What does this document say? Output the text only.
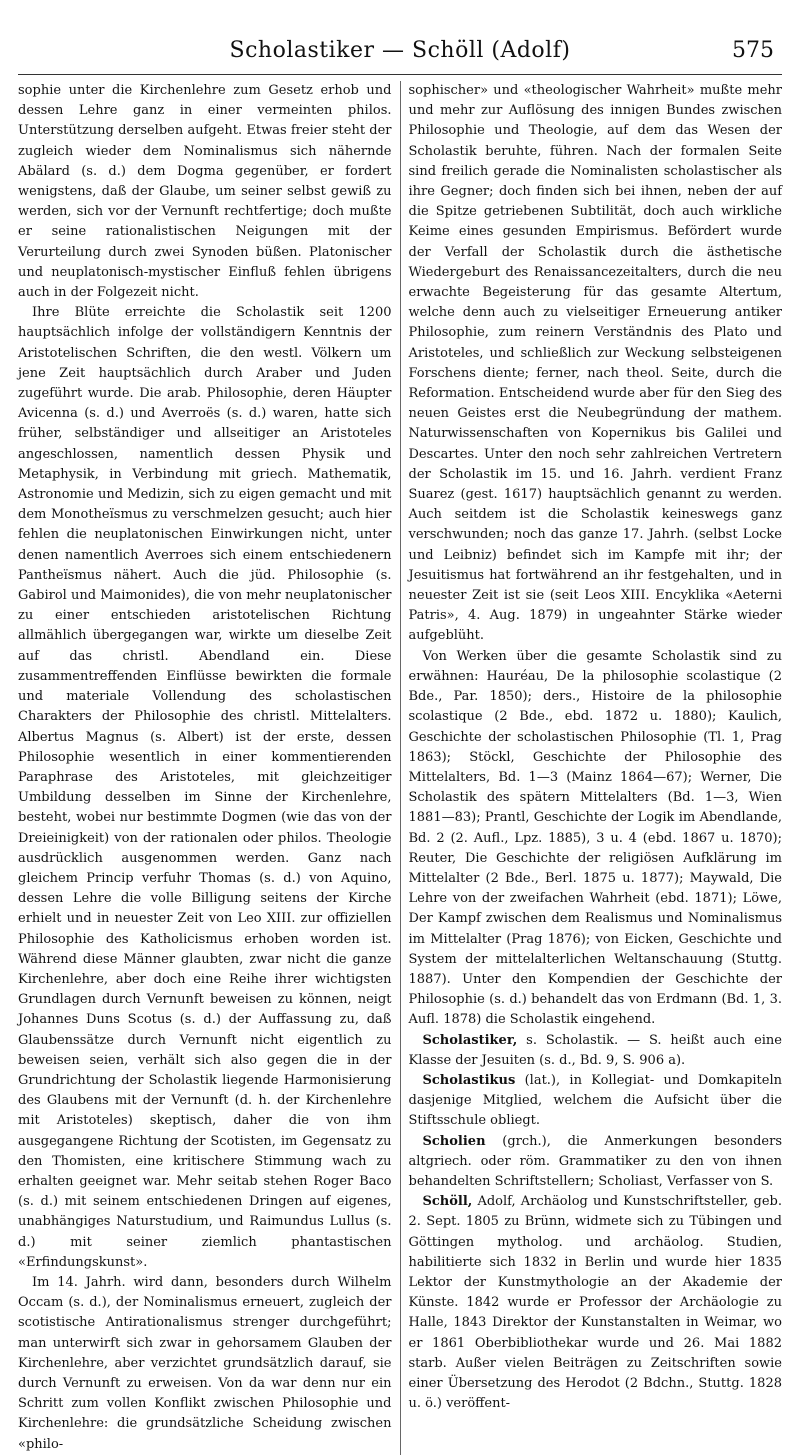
Scholastiker — Schöll (Adolf)	575

sophie unter die Kirchenlehre zum Gesetz erhob und dessen Lehre ganz in einer vermeinten philos. Unterstützung derselben aufgeht. Etwas freier steht der zugleich wieder dem Nominalismus sich nähernde Abälard (s. d.) dem Dogma gegenüber, er fordert wenigstens, daß der Glaube, um seiner selbst gewiß zu werden, sich vor der Vernunft rechtfertige; doch mußte er seine rationalistischen Neigungen mit der Verurteilung durch zwei Synoden büßen. Platonischer und neuplatonisch-mystischer Einfluß fehlen übrigens auch in der Folgezeit nicht.

Ihre Blüte erreichte die Scholastik seit 1200 hauptsächlich infolge der vollständigern Kenntnis der Aristotelischen Schriften, die den westl. Völkern um jene Zeit hauptsächlich durch Araber und Juden zugeführt wurde. Die arab. Philosophie, deren Häupter Avicenna (s. d.) und Averroës (s. d.) waren, hatte sich früher, selbständiger und allseitiger an Aristoteles angeschlossen, namentlich dessen Physik und Metaphysik, in Verbindung mit griech. Mathematik, Astronomie und Medizin, sich zu eigen gemacht und mit dem Monotheïsmus zu verschmelzen gesucht; auch hier fehlen die neuplatonischen Einwirkungen nicht, unter denen namentlich Averroes sich einem entschiedenern Pantheïsmus nähert. Auch die jüd. Philosophie (s. Gabirol und Maimonides), die von mehr neuplatonischer zu einer entschieden aristotelischen Richtung allmählich übergegangen war, wirkte um dieselbe Zeit auf das christl. Abendland ein. Diese zusammentreffenden Einflüsse bewirkten die formale und materiale Vollendung des scholastischen Charakters der Philosophie des christl. Mittelalters. Albertus Magnus (s. Albert) ist der erste, dessen Philosophie wesentlich in einer kommentierenden Paraphrase des Aristoteles, mit gleichzeitiger Umbildung desselben im Sinne der Kirchenlehre, besteht, wobei nur bestimmte Dogmen (wie das von der Dreieinigkeit) von der rationalen oder philos. Theologie ausdrücklich ausgenommen werden. Ganz nach gleichem Princip verfuhr Thomas (s. d.) von Aquino, dessen Lehre die volle Billigung seitens der Kirche erhielt und in neuester Zeit von Leo XIII. zur offiziellen Philosophie des Katholicismus erhoben worden ist. Während diese Männer glaubten, zwar nicht die ganze Kirchenlehre, aber doch eine Reihe ihrer wichtigsten Grundlagen durch Vernunft beweisen zu können, neigt Johannes Duns Scotus (s. d.) der Auffassung zu, daß Glaubenssätze durch Vernunft nicht eigentlich zu beweisen seien, verhält sich also gegen die in der Grundrichtung der Scholastik liegende Harmonisierung des Glaubens mit der Vernunft (d. h. der Kirchenlehre mit Aristoteles) skeptisch, daher die von ihm ausgegangene Richtung der Scotisten, im Gegensatz zu den Thomisten, eine kritischere Stimmung wach zu erhalten geeignet war. Mehr seitab stehen Roger Baco (s. d.) mit seinem entschiedenen Dringen auf eigenes, unabhängiges Naturstudium, und Raimundus Lullus (s. d.) mit seiner ziemlich phantastischen «Erfindungskunst».

Im 14. Jahrh. wird dann, besonders durch Wilhelm Occam (s. d.), der Nominalismus erneuert, zugleich der scotistische Antirationalismus strenger durchgeführt; man unterwirft sich zwar in gehorsamem Glauben der Kirchenlehre, aber verzichtet grundsätzlich darauf, sie durch Vernunft zu erweisen. Von da war denn nur ein Schritt zum vollen Konflikt zwischen Philosophie und Kirchenlehre: die grundsätzliche Scheidung zwischen «philo-

sophischer» und «theologischer Wahrheit» mußte mehr und mehr zur Auflösung des innigen Bundes zwischen Philosophie und Theologie, auf dem das Wesen der Scholastik beruhte, führen. Nach der formalen Seite sind freilich gerade die Nominalisten scholastischer als ihre Gegner; doch finden sich bei ihnen, neben der auf die Spitze getriebenen Subtilität, doch auch wirkliche Keime eines gesunden Empirismus. Befördert wurde der Verfall der Scholastik durch die ästhetische Wiedergeburt des Renaissancezeitalters, durch die neu erwachte Begeisterung für das gesamte Altertum, welche denn auch zu vielseitiger Erneuerung antiker Philosophie, zum reinern Verständnis des Plato und Aristoteles, und schließlich zur Weckung selbsteigenen Forschens diente; ferner, nach theol. Seite, durch die Reformation. Entscheidend wurde aber für den Sieg des neuen Geistes erst die Neubegründung der mathem. Naturwissenschaften von Kopernikus bis Galilei und Descartes. Unter den noch sehr zahlreichen Vertretern der Scholastik im 15. und 16. Jahrh. verdient Franz Suarez (gest. 1617) hauptsächlich genannt zu werden. Auch seitdem ist die Scholastik keineswegs ganz verschwunden; noch das ganze 17. Jahrh. (selbst Locke und Leibniz) befindet sich im Kampfe mit ihr; der Jesuitismus hat fortwährend an ihr festgehalten, und in neuester Zeit ist sie (seit Leos XIII. Encyklika «Aeterni Patris», 4. Aug. 1879) in ungeahnter Stärke wieder aufgeblüht.

Von Werken über die gesamte Scholastik sind zu erwähnen: Hauréau, De la philosophie scolastique (2 Bde., Par. 1850); ders., Histoire de la philosophie scolastique (2 Bde., ebd. 1872 u. 1880); Kaulich, Geschichte der scholastischen Philosophie (Tl. 1, Prag 1863); Stöckl, Geschichte der Philosophie des Mittelalters, Bd. 1—3 (Mainz 1864—67); Werner, Die Scholastik des spätern Mittelalters (Bd. 1—3, Wien 1881—83); Prantl, Geschichte der Logik im Abendlande, Bd. 2 (2. Aufl., Lpz. 1885), 3 u. 4 (ebd. 1867 u. 1870); Reuter, Die Geschichte der religiösen Aufklärung im Mittelalter (2 Bde., Berl. 1875 u. 1877); Maywald, Die Lehre von der zweifachen Wahrheit (ebd. 1871); Löwe, Der Kampf zwischen dem Realismus und Nominalismus im Mittelalter (Prag 1876); von Eicken, Geschichte und System der mittelalterlichen Weltanschauung (Stuttg. 1887). Unter den Kompendien der Geschichte der Philosophie (s. d.) behandelt das von Erdmann (Bd. 1, 3. Aufl. 1878) die Scholastik eingehend.

Scholastiker, s. Scholastik. — S. heißt auch eine Klasse der Jesuiten (s. d., Bd. 9, S. 906 a).

Scholastikus (lat.), in Kollegiat- und Domkapiteln dasjenige Mitglied, welchem die Aufsicht über die Stiftsschule obliegt.

Scholien (grch.), die Anmerkungen besonders altgriech. oder röm. Grammatiker zu den von ihnen behandelten Schriftstellern; Scholiast, Verfasser von S.

Schöll, Adolf, Archäolog und Kunstschriftsteller, geb. 2. Sept. 1805 zu Brünn, widmete sich zu Tübingen und Göttingen mytholog. und archäolog. Studien, habilitierte sich 1832 in Berlin und wurde hier 1835 Lektor der Kunstmythologie an der Akademie der Künste. 1842 wurde er Professor der Archäologie zu Halle, 1843 Direktor der Kunstanstalten in Weimar, wo er 1861 Oberbibliothekar wurde und 26. Mai 1882 starb. Außer vielen Beiträgen zu Zeitschriften sowie einer Übersetzung des Herodot (2 Bdchn., Stuttg. 1828 u. ö.) veröffent-
